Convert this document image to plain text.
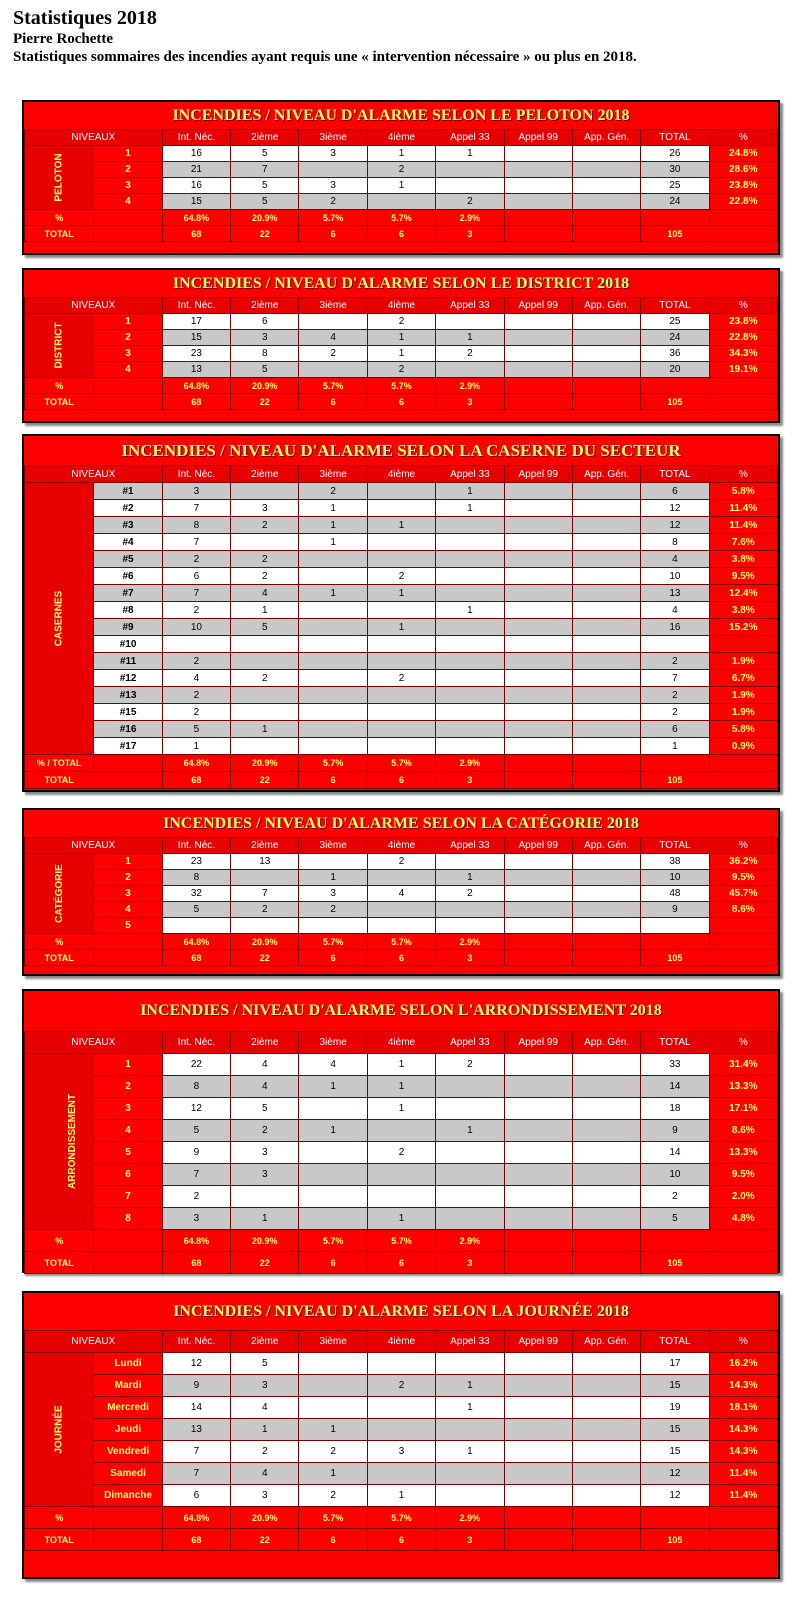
Statistiques 2018

Pierre Rochette

Statistiques sommaires des incendies ayant requis une « intervention nécessaire » ou plus en 2018.

INCENDIES / NIVEAU D'ALARME SELON LE PELOTON 2018
NIVEAUX		Int. Néc.	2ième	3ième	4ième	Appel 33	Appel 99	App. Gén.	TOTAL	%
PELOTON	1	16	5	3	1	1			26	24.8%
	2	21	7		2				30	28.6%
	3	16	5	3	1				25	23.8%
	4	15	5	2		2			24	22.8%
%		64.8%	20.9%	5.7%	5.7%	2.9%				
TOTAL		68	22	6	6	3			105	
INCENDIES / NIVEAU D'ALARME SELON LE DISTRICT 2018
NIVEAUX		Int. Néc.	2ième	3ième	4ième	Appel 33	Appel 99	App. Gén.	TOTAL	%
DISTRICT	1	17	6		2				25	23.8%
	2	15	3	4	1	1			24	22.8%
	3	23	8	2	1	2			36	34.3%
	4	13	5		2				20	19.1%
%		64.8%	20.9%	5.7%	5.7%	2.9%				
TOTAL		68	22	6	6	3			105	
INCENDIES / NIVEAU D'ALARME SELON LA CASERNE DU SECTEUR
NIVEAUX		Int. Néc.	2ième	3ième	4ième	Appel 33	Appel 99	App. Gén.	TOTAL	%
CASERNES	#1	3		2		1			6	5.8%
	#2	7	3	1		1			12	11.4%
	#3	8	2	1	1				12	11.4%
	#4	7		1					8	7.6%
	#5	2	2						4	3.8%
	#6	6	2		2				10	9.5%
	#7	7	4	1	1				13	12.4%
	#8	2	1			1			4	3.8%
	#9	10	5		1				16	15.2%
	#10									
	#11	2							2	1.9%
	#12	4	2		2				7	6.7%
	#13	2							2	1.9%
	#15	2							2	1.9%
	#16	5	1						6	5.8%
	#17	1							1	0.9%
% / TOTAL		64.8%	20.9%	5.7%	5.7%	2.9%				
TOTAL		68	22	6	6	3			105	
INCENDIES / NIVEAU D'ALARME SELON LA CATÉGORIE 2018
NIVEAUX		Int. Néc.	2ième	3ième	4ième	Appel 33	Appel 99	App. Gén.	TOTAL	%
CATÉGORIE	1	23	13		2				38	36.2%
	2	8		1		1			10	9.5%
	3	32	7	3	4	2			48	45.7%
	4	5	2	2					9	8.6%
	5									
%		64.8%	20.9%	5.7%	5.7%	2.9%				
TOTAL		68	22	6	6	3			105	
INCENDIES / NIVEAU D'ALARME SELON L'ARRONDISSEMENT 2018
NIVEAUX		Int. Néc.	2ième	3ième	4ième	Appel 33	Appel 99	App. Gén.	TOTAL	%
ARRONDISSEMENT	1	22	4	4	1	2			33	31.4%
	2	8	4	1	1				14	13.3%
	3	12	5		1				18	17.1%
	4	5	2	1		1			9	8.6%
	5	9	3		2				14	13.3%
	6	7	3						10	9.5%
	7	2							2	2.0%
	8	3	1		1				5	4.8%
%		64.8%	20.9%	5.7%	5.7%	2.9%				
TOTAL		68	22	6	6	3			105	
INCENDIES / NIVEAU D'ALARME SELON LA JOURNÉE 2018
NIVEAUX		Int. Néc.	2ième	3ième	4ième	Appel 33	Appel 99	App. Gén.	TOTAL	%
JOURNÉE	Lundi	12	5						17	16.2%
	Mardi	9	3		2	1			15	14.3%
	Mercredi	14	4			1			19	18.1%
	Jeudi	13	1	1					15	14.3%
	Vendredi	7	2	2	3	1			15	14.3%
	Samedi	7	4	1					12	11.4%
	Dimanche	6	3	2	1				12	11.4%
%		64.8%	20.9%	5.7%	5.7%	2.9%				
TOTAL		68	22	6	6	3			105	
